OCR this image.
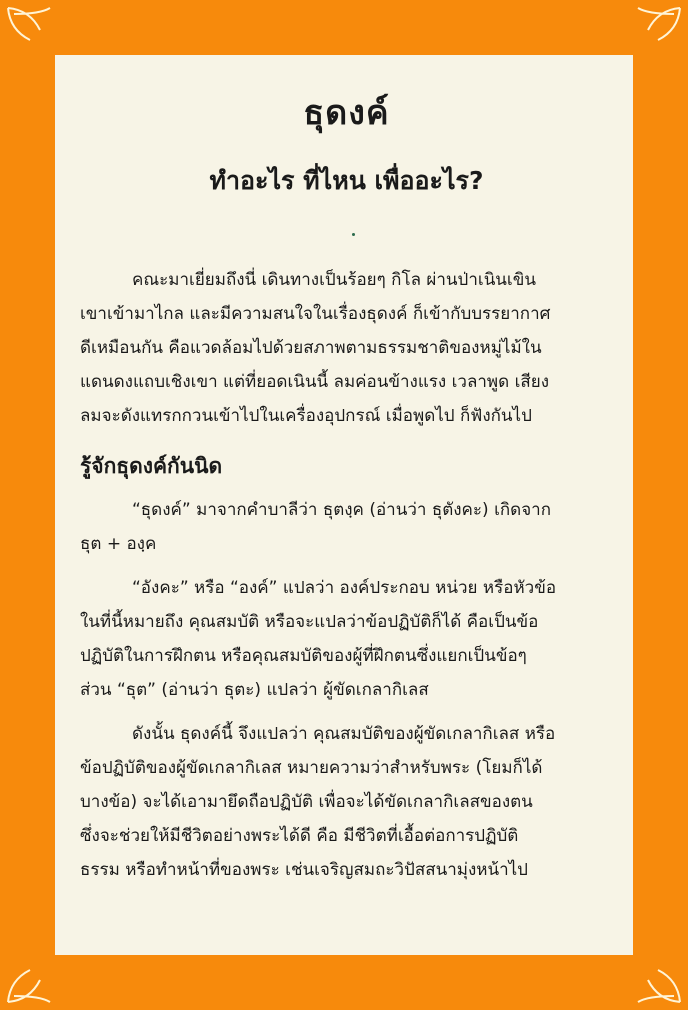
ธุดงค์
ทำอะไร ที่ไหน เพื่ออะไร?
คณะมาเยี่ยมถึงนี่ เดินทางเป็นร้อยๆ กิโล ผ่านป่าเนินเขิน
เขาเข้ามาไกล และมีความสนใจในเรื่องธุดงค์ ก็เข้ากับบรรยากาศ
ดีเหมือนกัน คือแวดล้อมไปด้วยสภาพตามธรรมชาติของหมู่ไม้ใน
แดนดงแถบเชิงเขา แต่ที่ยอดเนินนี้ ลมค่อนข้างแรง เวลาพูด เสียง
ลมจะดังแทรกกวนเข้าไปในเครื่องอุปกรณ์ เมื่อพูดไป ก็ฟังกันไป
รู้จักธุดงค์กันนิด
“ธุดงค์” มาจากคำบาลีว่า ธุตงฺค (อ่านว่า ธุตังคะ) เกิดจาก
ธุต + องฺค
“อังคะ” หรือ “องค์” แปลว่า องค์ประกอบ หน่วย หรือหัวข้อ
ในที่นี้หมายถึง คุณสมบัติ หรือจะแปลว่าข้อปฏิบัติก็ได้ คือเป็นข้อ
ปฏิบัติในการฝึกตน หรือคุณสมบัติของผู้ที่ฝึกตนซึ่งแยกเป็นข้อๆ
ส่วน “ธุต” (อ่านว่า ธุตะ) แปลว่า ผู้ขัดเกลากิเลส
ดังนั้น ธุดงค์นี้ จึงแปลว่า คุณสมบัติของผู้ขัดเกลากิเลส หรือ
ข้อปฏิบัติของผู้ขัดเกลากิเลส หมายความว่าสำหรับพระ (โยมก็ได้
บางข้อ) จะได้เอามายึดถือปฏิบัติ เพื่อจะได้ขัดเกลากิเลสของตน
ซึ่งจะช่วยให้มีชีวิตอย่างพระได้ดี คือ มีชีวิตที่เอื้อต่อการปฏิบัติ
ธรรม หรือทำหน้าที่ของพระ เช่นเจริญสมถะวิปัสสนามุ่งหน้าไป
